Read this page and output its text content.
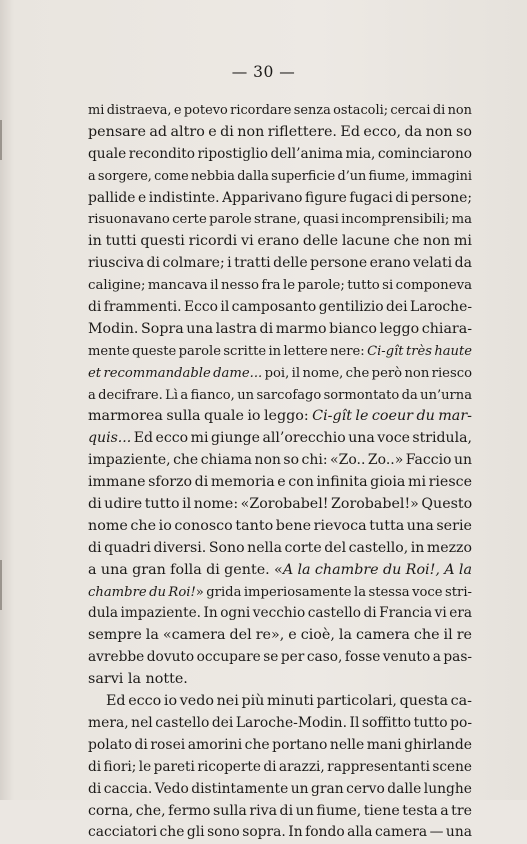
— 30 —
mi distraeva, e potevo ricordare senza ostacoli; cercai di non
pensare ad altro e di non riflettere. Ed ecco, da non so
quale recondito ripostiglio dell’anima mia, cominciarono
a sorgere, come nebbia dalla superficie d’un fiume, immagini
pallide e indistinte. Apparivano figure fugaci di persone;
risuonavano certe parole strane, quasi incomprensibili; ma
in tutti questi ricordi vi erano delle lacune che non mi
riusciva di colmare; i tratti delle persone erano velati da
caligine; mancava il nesso fra le parole; tutto si componeva
di frammenti. Ecco il camposanto gentilizio dei Laroche-
Modin. Sopra una lastra di marmo bianco leggo chiara-
mente queste parole scritte in lettere nere: Ci-gît très haute
et recommandable dame... poi, il nome, che però non riesco
a decifrare. Lì a fianco, un sarcofago sormontato da un’urna
marmorea sulla quale io leggo: Ci-gît le coeur du mar-
quis... Ed ecco mi giunge all’orecchio una voce stridula,
impaziente, che chiama non so chi: «Zo.. Zo..» Faccio un
immane sforzo di memoria e con infinita gioia mi riesce
di udire tutto il nome: «Zorobabel! Zorobabel!» Questo
nome che io conosco tanto bene rievoca tutta una serie
di quadri diversi. Sono nella corte del castello, in mezzo
a una gran folla di gente. «A la chambre du Roi!, A la
chambre du Roi!» grida imperiosamente la stessa voce stri-
dula impaziente. In ogni vecchio castello di Francia vi era
sempre la «camera del re», e cioè, la camera che il re
avrebbe dovuto occupare se per caso, fosse venuto a pas-
sarvi la notte.
Ed ecco io vedo nei più minuti particolari, questa ca-
mera, nel castello dei Laroche-Modin. Il soffitto tutto po-
polato di rosei amorini che portano nelle mani ghirlande
di fiori; le pareti ricoperte di arazzi, rappresentanti scene
di caccia. Vedo distintamente un gran cervo dalle lunghe
corna, che, fermo sulla riva di un fiume, tiene testa a tre
cacciatori che gli sono sopra. In fondo alla camera — una
